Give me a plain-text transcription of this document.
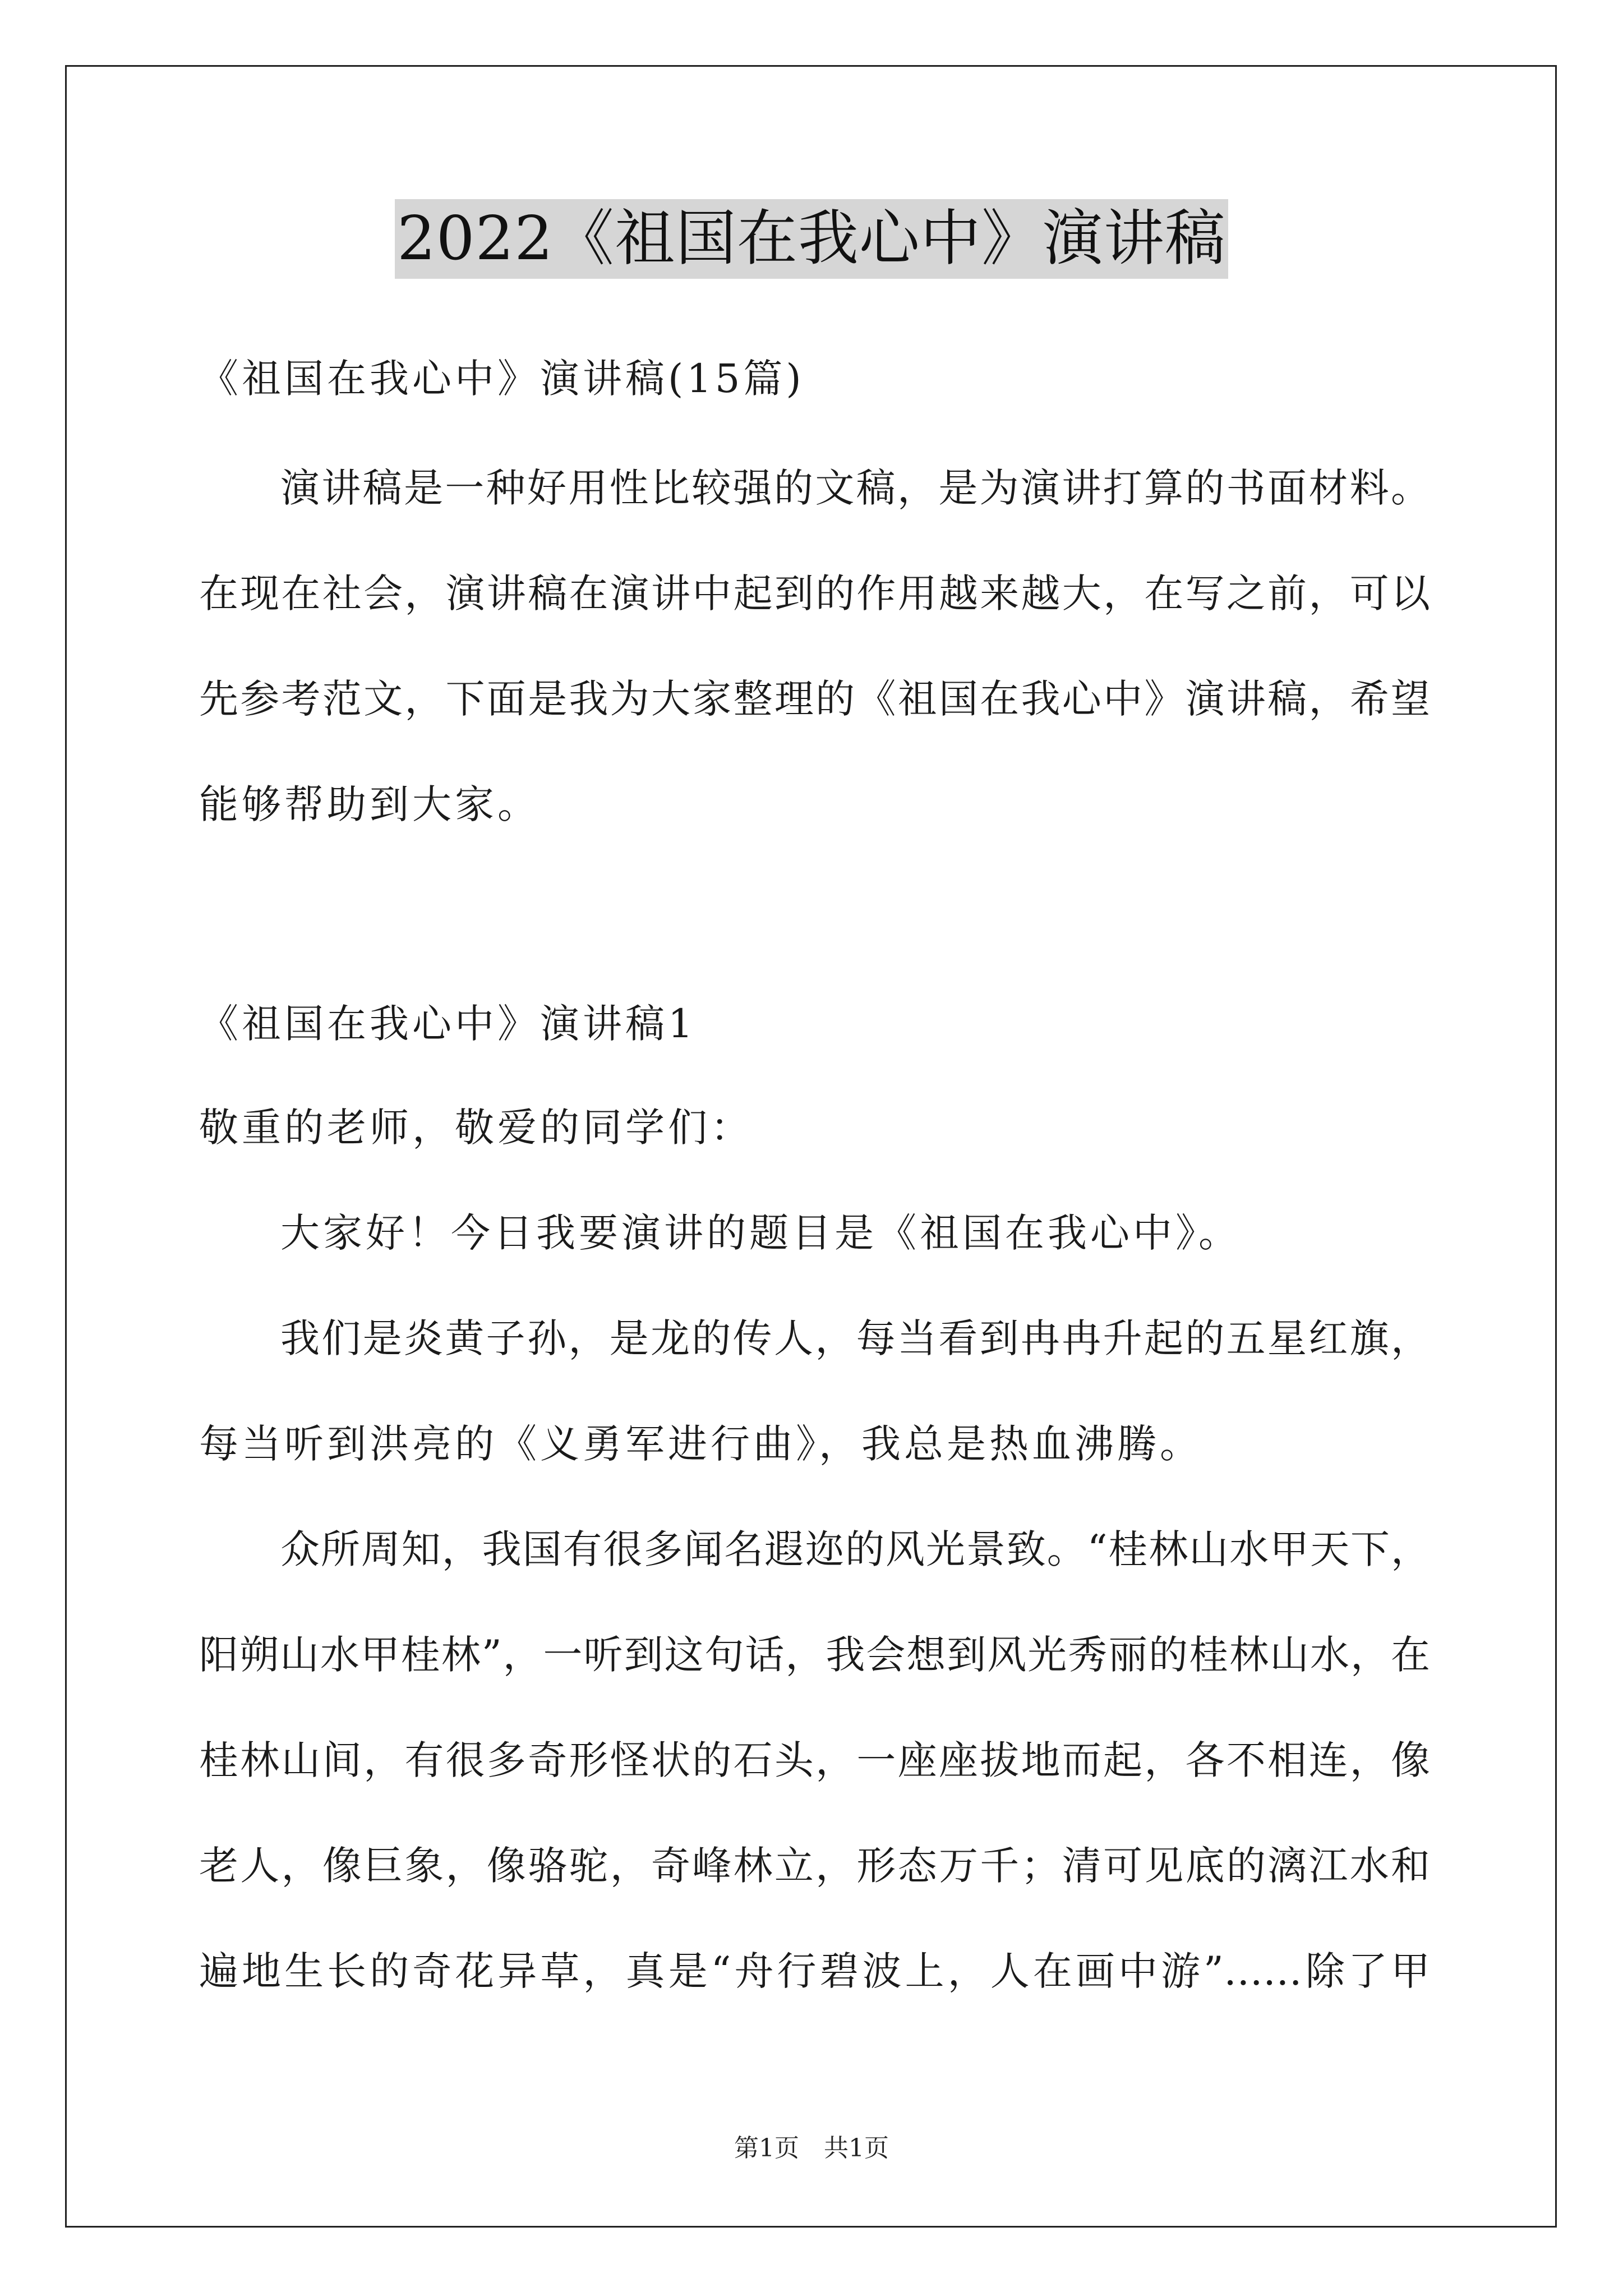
2022《祖国在我心中》演讲稿
《祖国在我心中》演讲稿(15篇)
演讲稿是一种好用性比较强的文稿，是为演讲打算的书面材料。
在现在社会，演讲稿在演讲中起到的作用越来越大，在写之前，可以
先参考范文，下面是我为大家整理的《祖国在我心中》演讲稿，希望
能够帮助到大家。
《祖国在我心中》演讲稿1
敬重的老师，敬爱的同学们：
大家好！今日我要演讲的题目是《祖国在我心中》。
我们是炎黄子孙，是龙的传人，每当看到冉冉升起的五星红旗，
每当听到洪亮的《义勇军进行曲》，我总是热血沸腾。
众所周知，我国有很多闻名遐迩的风光景致。“桂林山水甲天下，
阳朔山水甲桂林”，一听到这句话，我会想到风光秀丽的桂林山水，在
桂林山间，有很多奇形怪状的石头，一座座拔地而起，各不相连，像
老人，像巨象，像骆驼，奇峰林立，形态万千；清可见底的漓江水和
遍地生长的奇花异草，真是“舟行碧波上，人在画中游”……除了甲
第1页　共1页
